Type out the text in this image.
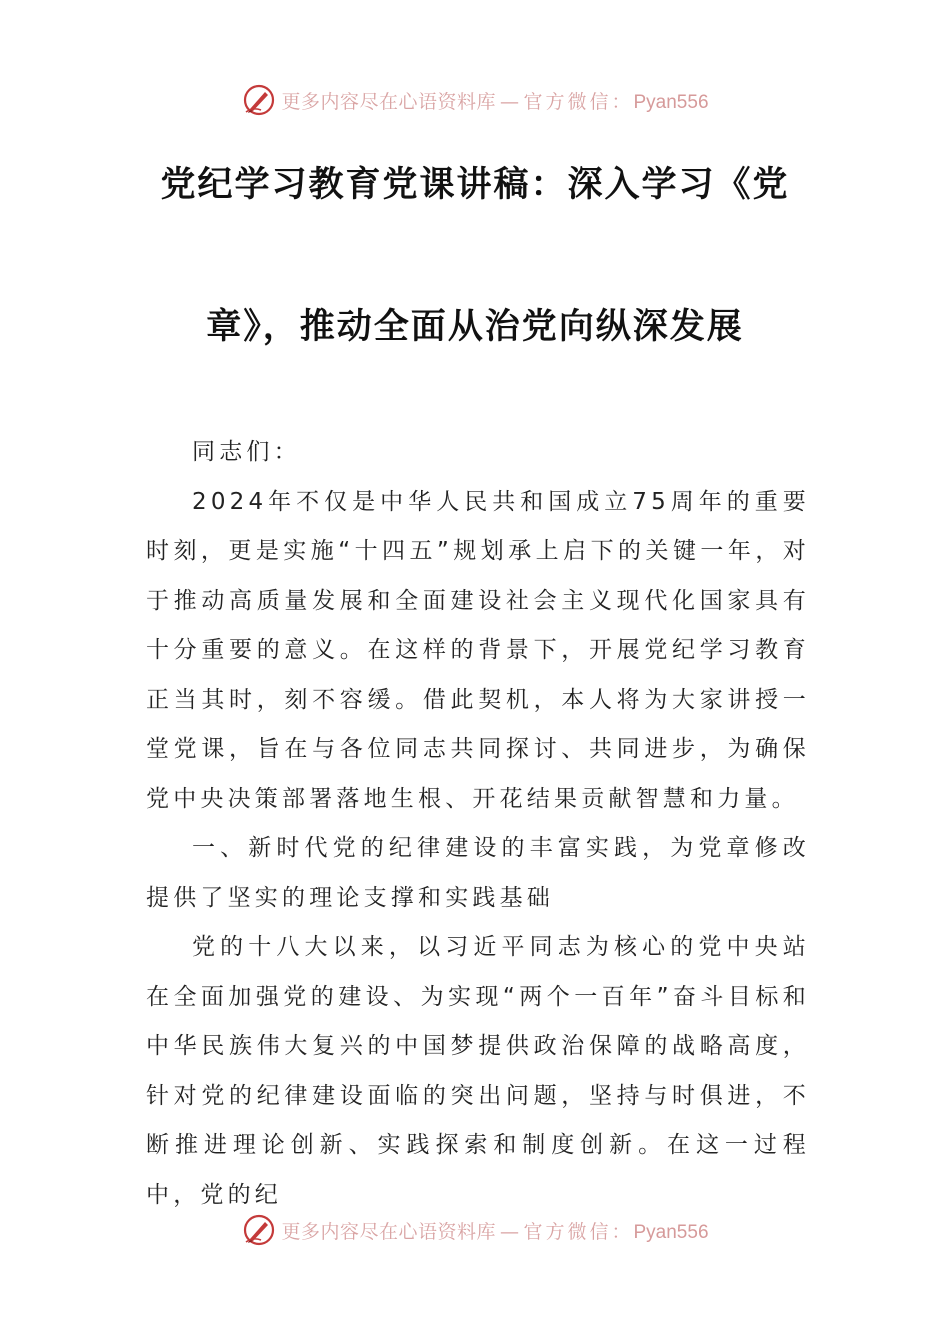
更多内容尽在心语资料库 — 官方微信：Pyan556
党纪学习教育党课讲稿：深入学习《党
章》，推动全面从治党向纵深发展

同志们：

2024年不仅是中华人民共和国成立75周年的重要时刻，更是实施“十四五”规划承上启下的关键一年，对于推动高质量发展和全面建设社会主义现代化国家具有十分重要的意义。在这样的背景下，开展党纪学习教育正当其时，刻不容缓。借此契机，本人将为大家讲授一堂党课，旨在与各位同志共同探讨、共同进步，为确保党中央决策部署落地生根、开花结果贡献智慧和力量。

一、新时代党的纪律建设的丰富实践，为党章修改提供了坚实的理论支撑和实践基础

党的十八大以来，以习近平同志为核心的党中央站在全面加强党的建设、为实现“两个一百年”奋斗目标和中华民族伟大复兴的中国梦提供政治保障的战略高度，针对党的纪律建设面临的突出问题，坚持与时俱进，不断推进理论创新、实践探索和制度创新。在这一过程中，党的纪

更多内容尽在心语资料库 — 官方微信：Pyan556
